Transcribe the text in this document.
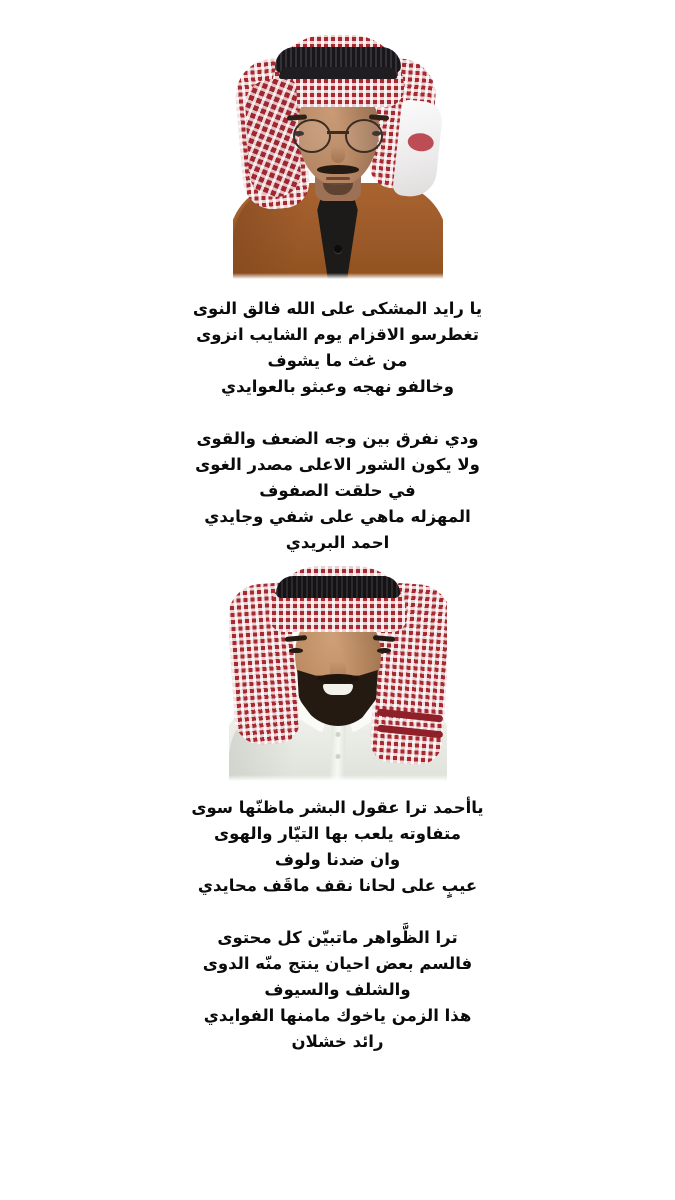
يا رايد المشكى على الله فالق النوى
تغطرسو الاقزام يوم الشايب انزوى
من غث ما يشوف
وخالفو نهجه وعبثو بالعوايدي
ودي نفرق بين وجه الضعف والقوى
ولا يكون الشور الاعلى مصدر الغوى
في حلقت الصفوف
المهزله ماهي على شفي وجايدي
احمد البريدي
ياأحمد ترا عقول البشر ماظنّها سوى
متفاوته يلعب بها التيّار والهوى
وان ضدنا ولوف
عيبٍ على لحانا نقف ماقَف محايدي
ترا الظَّواهر ماتبيّن كل محتوى
فالسم بعض احيان ينتج منّه الدوى
والشلف والسيوف
هذا الزمن ياخوك مامنها الفوايدي
رائد خشلان
